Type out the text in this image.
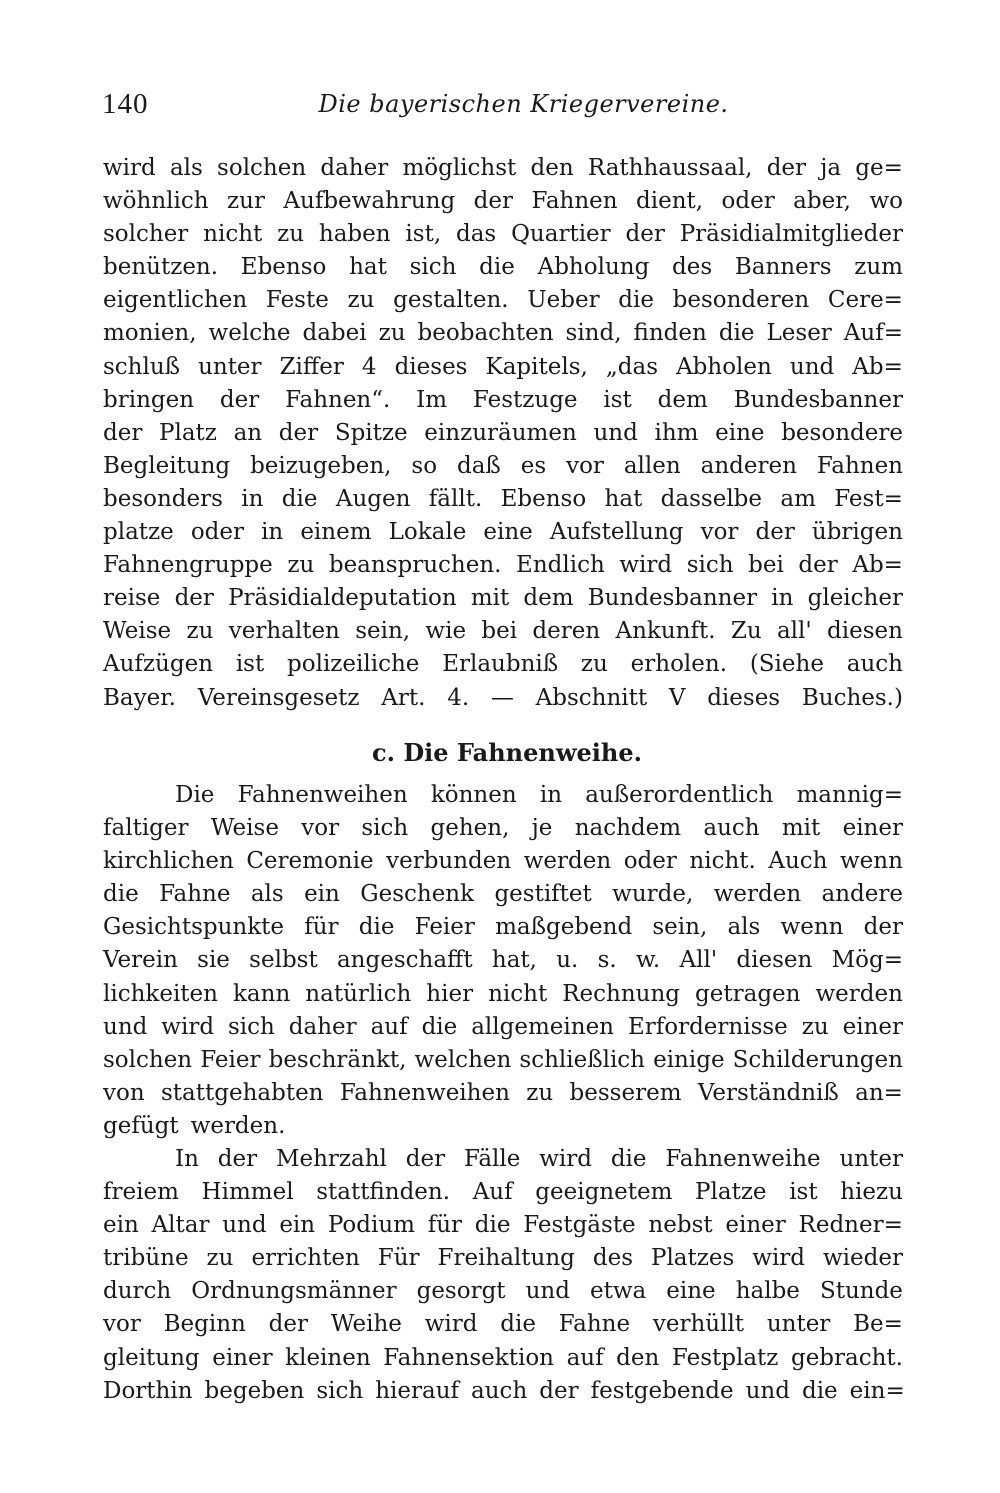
140	Die bayerischen Kriegervereine.
wird als solchen daher möglichst den Rathhaussaal, der ja ge=
wöhnlich zur Aufbewahrung der Fahnen dient, oder aber, wo
solcher nicht zu haben ist, das Quartier der Präsidialmitglieder
benützen. Ebenso hat sich die Abholung des Banners zum
eigentlichen Feste zu gestalten. Ueber die besonderen Cere=
monien, welche dabei zu beobachten sind, finden die Leser Auf=
schluß unter Ziffer 4 dieses Kapitels, „das Abholen und Ab=
bringen der Fahnen“. Im Festzuge ist dem Bundesbanner
der Platz an der Spitze einzuräumen und ihm eine besondere
Begleitung beizugeben, so daß es vor allen anderen Fahnen
besonders in die Augen fällt. Ebenso hat dasselbe am Fest=
platze oder in einem Lokale eine Aufstellung vor der übrigen
Fahnengruppe zu beanspruchen. Endlich wird sich bei der Ab=
reise der Präsidialdeputation mit dem Bundesbanner in gleicher
Weise zu verhalten sein, wie bei deren Ankunft. Zu all' diesen
Aufzügen ist polizeiliche Erlaubniß zu erholen. (Siehe auch
Bayer. Vereinsgesetz Art. 4. — Abschnitt V dieses Buches.)
c. Die Fahnenweihe.
Die Fahnenweihen können in außerordentlich mannig=
faltiger Weise vor sich gehen, je nachdem auch mit einer
kirchlichen Ceremonie verbunden werden oder nicht. Auch wenn
die Fahne als ein Geschenk gestiftet wurde, werden andere
Gesichtspunkte für die Feier maßgebend sein, als wenn der
Verein sie selbst angeschafft hat, u. s. w. All' diesen Mög=
lichkeiten kann natürlich hier nicht Rechnung getragen werden
und wird sich daher auf die allgemeinen Erfordernisse zu einer
solchen Feier beschränkt, welchen schließlich einige Schilderungen
von stattgehabten Fahnenweihen zu besserem Verständniß an=
gefügt werden.
In der Mehrzahl der Fälle wird die Fahnenweihe unter
freiem Himmel stattfinden. Auf geeignetem Platze ist hiezu
ein Altar und ein Podium für die Festgäste nebst einer Redner=
tribüne zu errichten Für Freihaltung des Platzes wird wieder
durch Ordnungsmänner gesorgt und etwa eine halbe Stunde
vor Beginn der Weihe wird die Fahne verhüllt unter Be=
gleitung einer kleinen Fahnensektion auf den Festplatz gebracht.
Dorthin begeben sich hierauf auch der festgebende und die ein=
